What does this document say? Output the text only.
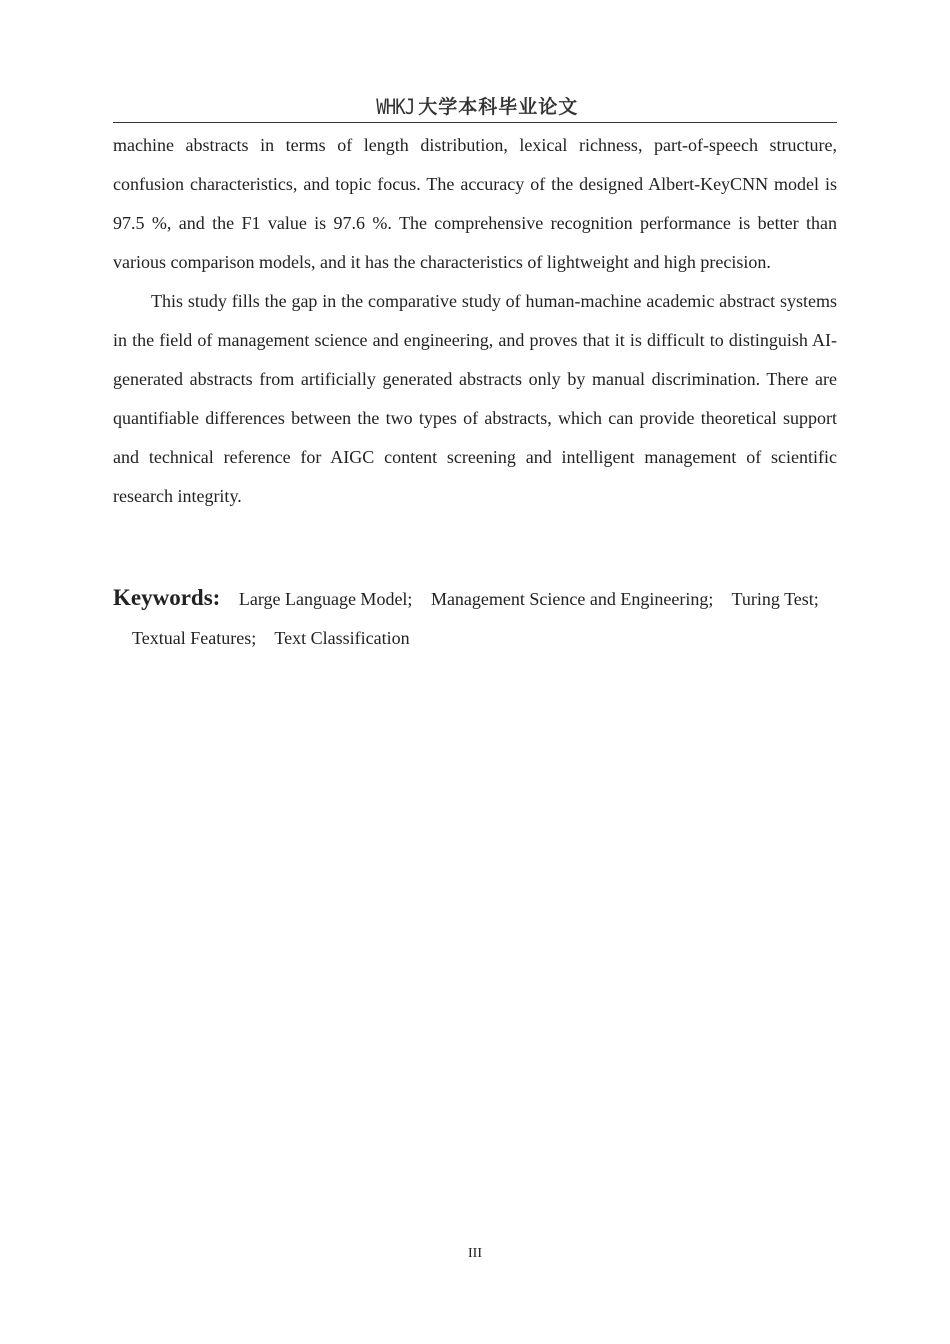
WHKJ 大学本科毕业论文

machine abstracts in terms of length distribution, lexical richness, part-of-speech structure, confusion characteristics, and topic focus. The accuracy of the designed Albert-KeyCNN model is 97.5 %, and the F1 value is 97.6 %. The comprehensive recognition performance is better than various comparison models, and it has the characteristics of lightweight and high precision.

This study fills the gap in the comparative study of human-machine academic abstract systems in the field of management science and engineering, and proves that it is difficult to distinguish AI-generated abstracts from artificially generated abstracts only by manual discrimination. There are quantifiable differences between the two types of abstracts, which can provide theoretical support and technical reference for AIGC content screening and intelligent management of scientific research integrity.

Keywords: Large Language Model; Management Science and Engineering; Turing Test; Textual Features; Text Classification
III
